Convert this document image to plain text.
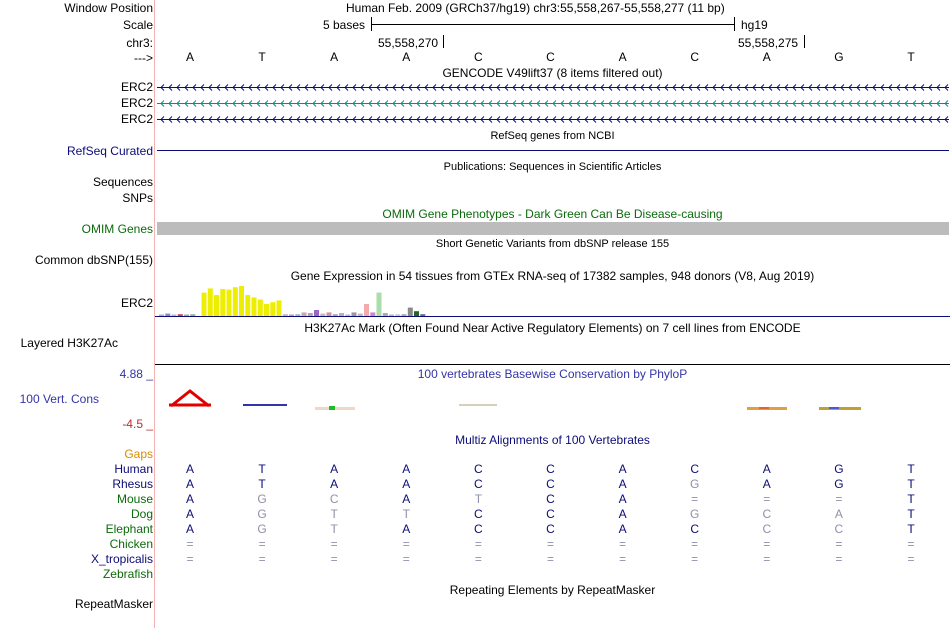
Window Position	Human Feb. 2009 (GRCh37/hg19) chr3:55,558,267-55,558,277 (11 bp)
Scale	5 bases	hg19
chr3:	55,558,270	55,558,275
--->	A	T	A	A	C	C	A	C	A	G	T
GENCODE V49lift37 (8 items filtered out)
ERC2
ERC2
ERC2
RefSeq genes from NCBI
RefSeq Curated
Publications: Sequences in Scientific Articles
Sequences
SNPs
OMIM Gene Phenotypes - Dark Green Can Be Disease-causing
OMIM Genes
Short Genetic Variants from dbSNP release 155
Common dbSNP(155)
Gene Expression in 54 tissues from GTEx RNA-seq of 17382 samples, 948 donors (V8, Aug 2019)
ERC2
H3K27Ac Mark (Often Found Near Active Regulatory Elements) on 7 cell lines from ENCODE
Layered H3K27Ac
100 vertebrates Basewise Conservation by PhyloP
4.88 _
100 Vert. Cons
-4.5 _
Multiz Alignments of 100 Vertebrates
Gaps
Human	A	T	A	A	C	C	A	C	A	G	T
Rhesus	A	T	A	A	C	C	A	G	A	G	T
Mouse	A	G	C	A	T	C	A	=	=	=	T
Dog	A	G	T	T	C	C	A	G	C	A	T
Elephant	A	G	T	A	C	C	A	C	C	C	T
Chicken	=	=	=	=	=	=	=	=	=	=	=
X_tropicalis	=	=	=	=	=	=	=	=	=	=	=
Zebrafish
Repeating Elements by RepeatMasker
RepeatMasker
